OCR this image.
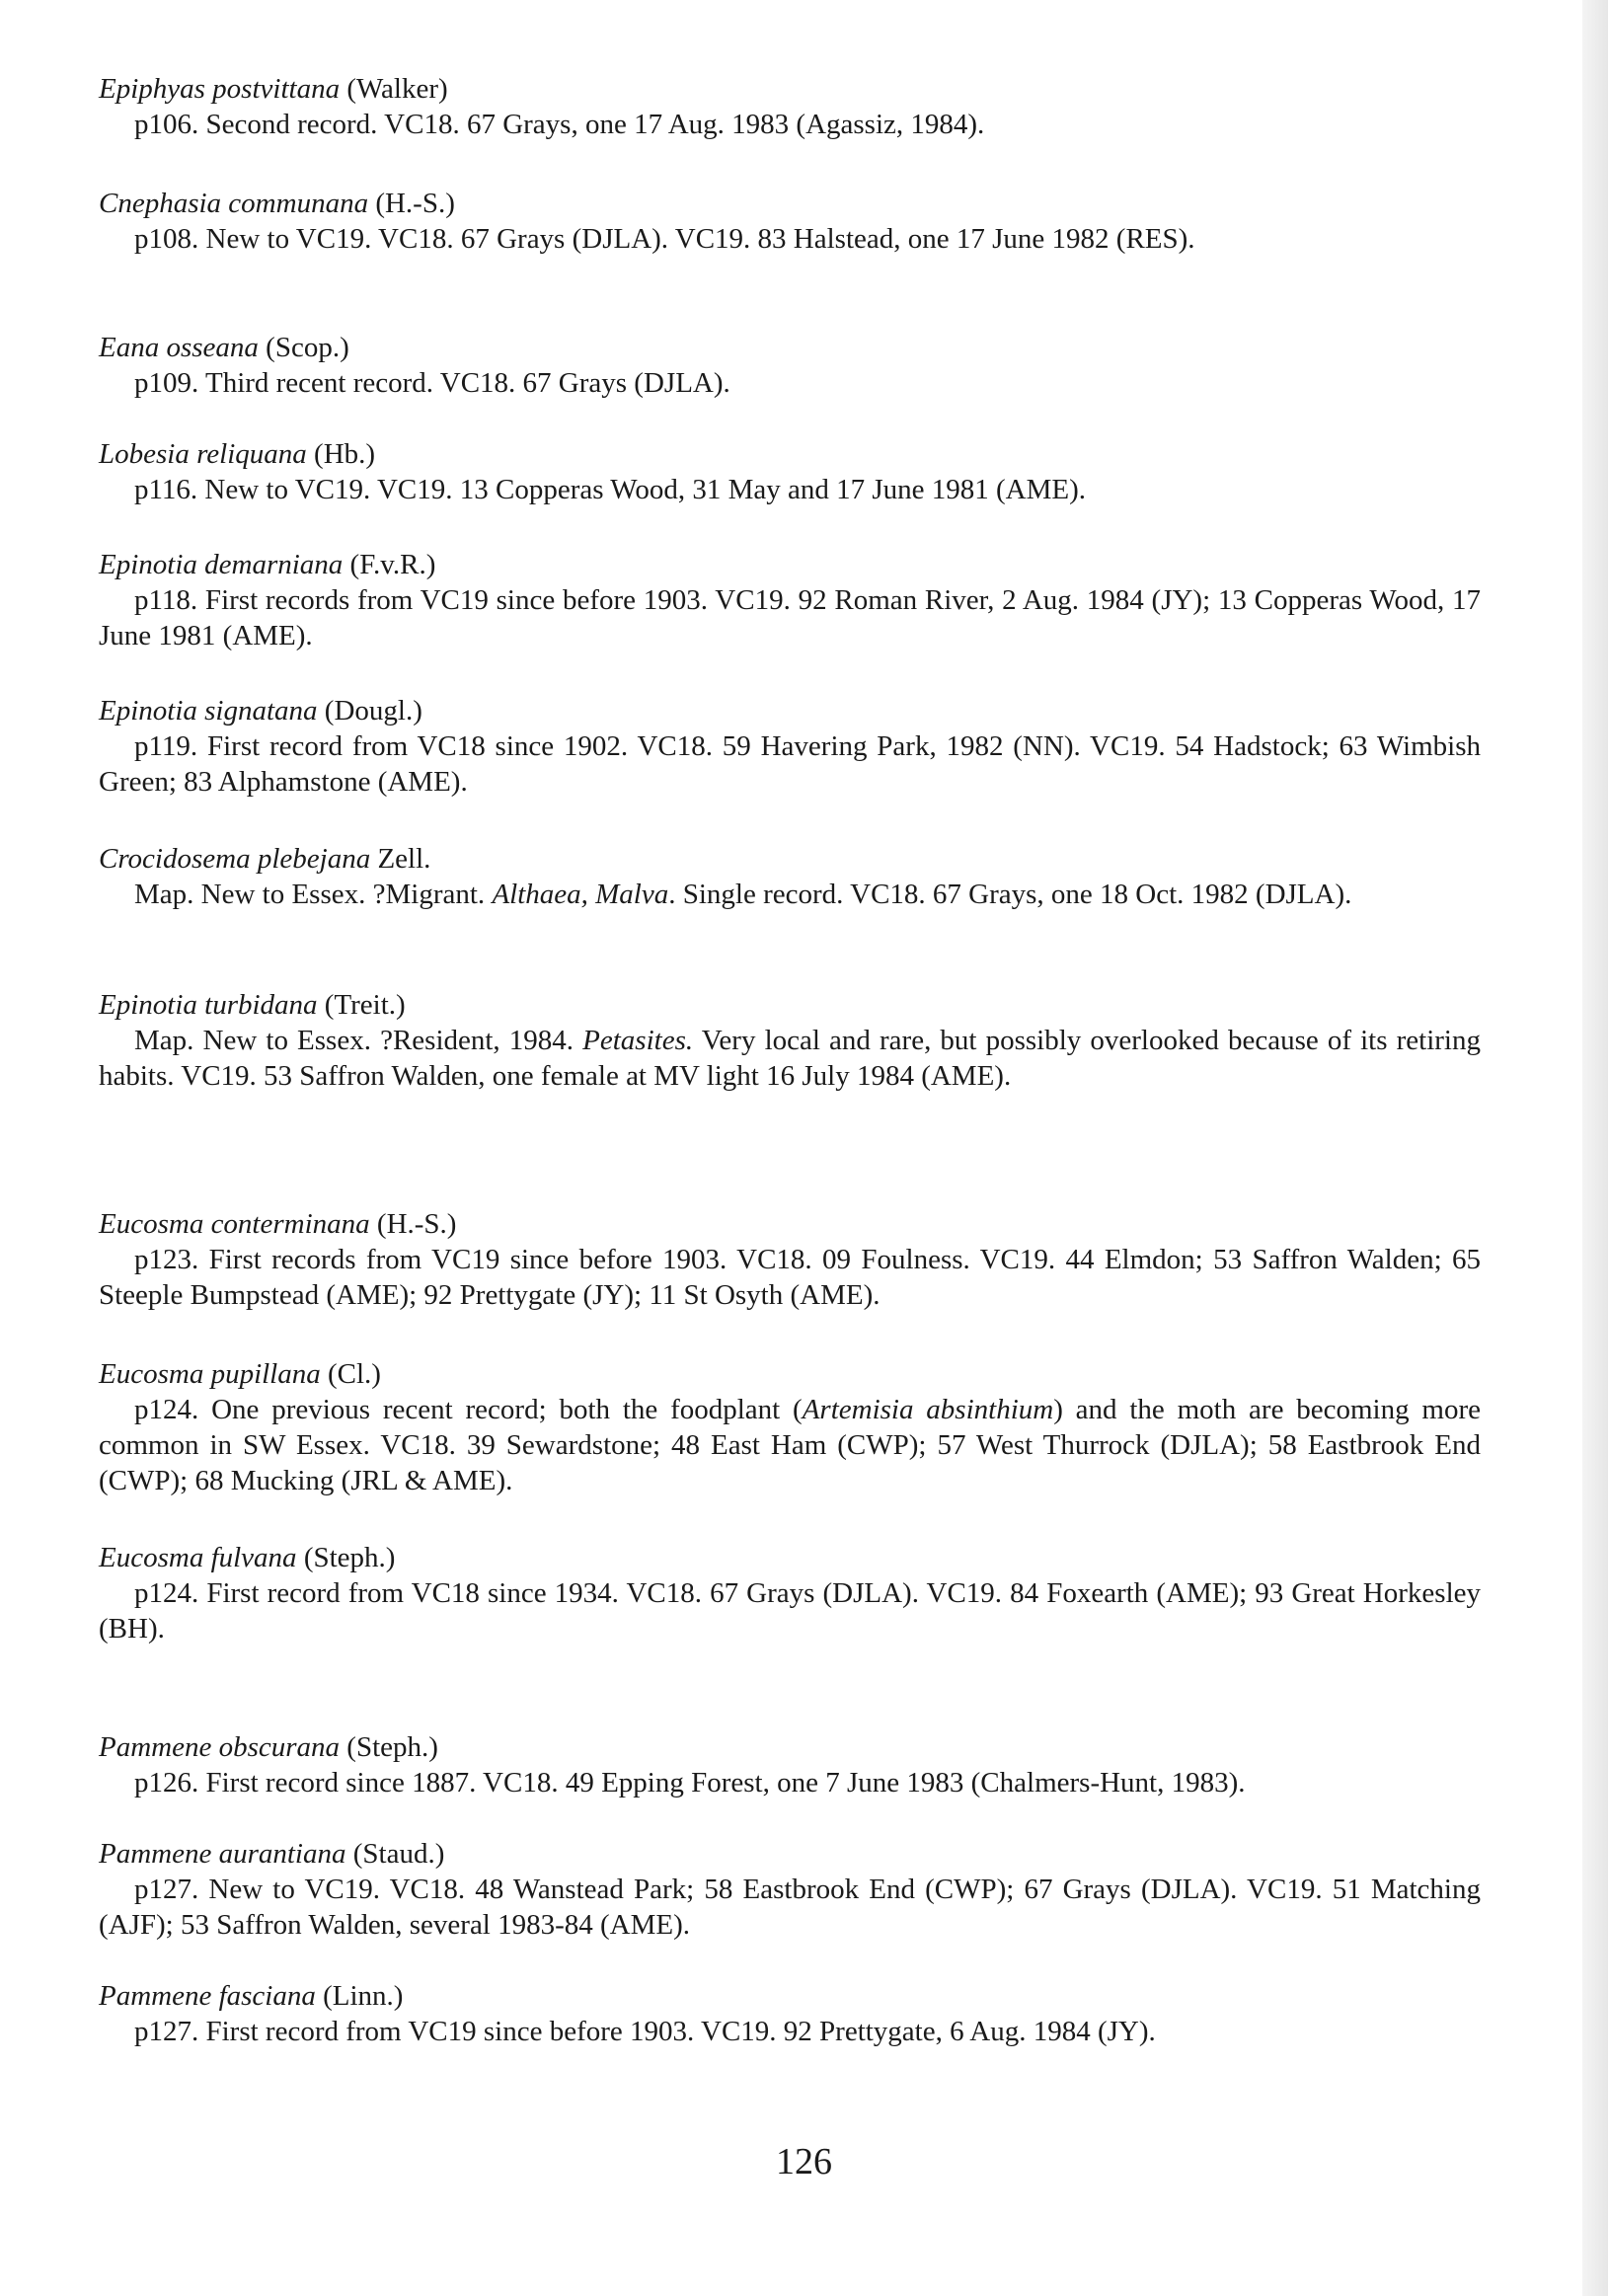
Epiphyas postvittana (Walker)

p106. Second record. VC18. 67 Grays, one 17 Aug. 1983 (Agassiz, 1984).

Cnephasia communana (H.-S.)

p108. New to VC19. VC18. 67 Grays (DJLA). VC19. 83 Halstead, one 17 June 1982 (RES).

Eana osseana (Scop.)

p109. Third recent record. VC18. 67 Grays (DJLA).

Lobesia reliquana (Hb.)

p116. New to VC19. VC19. 13 Copperas Wood, 31 May and 17 June 1981 (AME).

Epinotia demarniana (F.v.R.)

p118. First records from VC19 since before 1903. VC19. 92 Roman River, 2 Aug. 1984 (JY); 13 Copperas Wood, 17 June 1981 (AME).

Epinotia signatana (Dougl.)

p119. First record from VC18 since 1902. VC18. 59 Havering Park, 1982 (NN). VC19. 54 Hadstock; 63 Wimbish Green; 83 Alphamstone (AME).

Crocidosema plebejana Zell.

Map. New to Essex. ?Migrant. Althaea, Malva. Single record. VC18. 67 Grays, one 18 Oct. 1982 (DJLA).

Epinotia turbidana (Treit.)

Map. New to Essex. ?Resident, 1984. Petasites. Very local and rare, but possibly overlooked because of its retiring habits. VC19. 53 Saffron Walden, one female at MV light 16 July 1984 (AME).

Eucosma conterminana (H.-S.)

p123. First records from VC19 since before 1903. VC18. 09 Foulness. VC19. 44 Elmdon; 53 Saffron Walden; 65 Steeple Bumpstead (AME); 92 Prettygate (JY); 11 St Osyth (AME).

Eucosma pupillana (Cl.)

p124. One previous recent record; both the foodplant (Artemisia absinthium) and the moth are becoming more common in SW Essex. VC18. 39 Sewardstone; 48 East Ham (CWP); 57 West Thurrock (DJLA); 58 Eastbrook End (CWP); 68 Mucking (JRL & AME).

Eucosma fulvana (Steph.)

p124. First record from VC18 since 1934. VC18. 67 Grays (DJLA). VC19. 84 Foxearth (AME); 93 Great Horkesley (BH).

Pammene obscurana (Steph.)

p126. First record since 1887. VC18. 49 Epping Forest, one 7 June 1983 (Chalmers-Hunt, 1983).

Pammene aurantiana (Staud.)

p127. New to VC19. VC18. 48 Wanstead Park; 58 Eastbrook End (CWP); 67 Grays (DJLA). VC19. 51 Matching (AJF); 53 Saffron Walden, several 1983-84 (AME).

Pammene fasciana (Linn.)

p127. First record from VC19 since before 1903. VC19. 92 Prettygate, 6 Aug. 1984 (JY).

126
